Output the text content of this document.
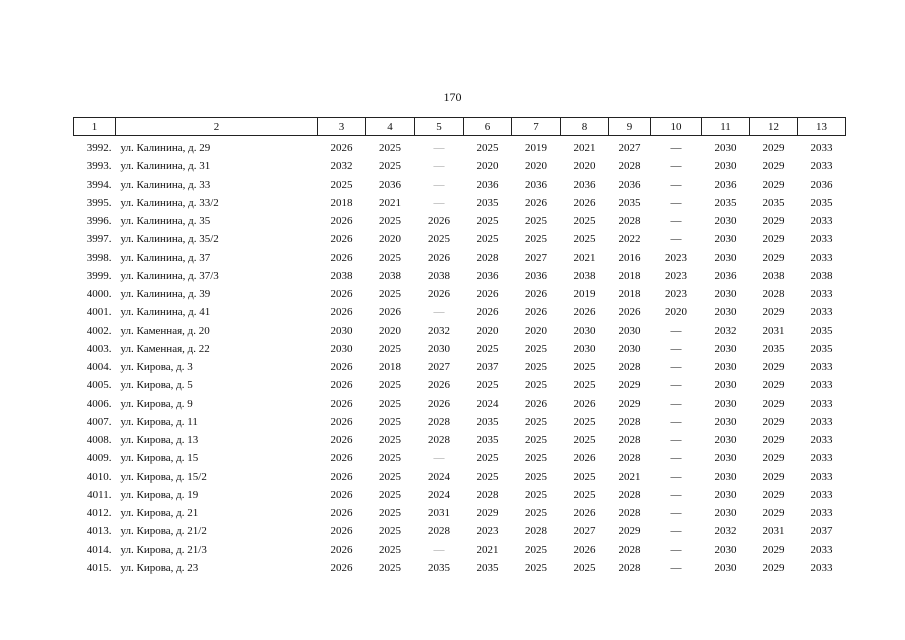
170
1	2	3	4	5	6	7	8	9	10	11	12	13
3992.	ул. Калинина, д. 29	2026	2025	—	2025	2019	2021	2027	—	2030	2029	2033
3993.	ул. Калинина, д. 31	2032	2025	—	2020	2020	2020	2028	—	2030	2029	2033
3994.	ул. Калинина, д. 33	2025	2036	—	2036	2036	2036	2036	—	2036	2029	2036
3995.	ул. Калинина, д. 33/2	2018	2021	—	2035	2026	2026	2035	—	2035	2035	2035
3996.	ул. Калинина, д. 35	2026	2025	2026	2025	2025	2025	2028	—	2030	2029	2033
3997.	ул. Калинина, д. 35/2	2026	2020	2025	2025	2025	2025	2022	—	2030	2029	2033
3998.	ул. Калинина, д. 37	2026	2025	2026	2028	2027	2021	2016	2023	2030	2029	2033
3999.	ул. Калинина, д. 37/3	2038	2038	2038	2036	2036	2038	2018	2023	2036	2038	2038
4000.	ул. Калинина, д. 39	2026	2025	2026	2026	2026	2019	2018	2023	2030	2028	2033
4001.	ул. Калинина, д. 41	2026	2026	—	2026	2026	2026	2026	2020	2030	2029	2033
4002.	ул. Каменная, д. 20	2030	2020	2032	2020	2020	2030	2030	—	2032	2031	2035
4003.	ул. Каменная, д. 22	2030	2025	2030	2025	2025	2030	2030	—	2030	2035	2035
4004.	ул. Кирова, д. 3	2026	2018	2027	2037	2025	2025	2028	—	2030	2029	2033
4005.	ул. Кирова, д. 5	2026	2025	2026	2025	2025	2025	2029	—	2030	2029	2033
4006.	ул. Кирова, д. 9	2026	2025	2026	2024	2026	2026	2029	—	2030	2029	2033
4007.	ул. Кирова, д. 11	2026	2025	2028	2035	2025	2025	2028	—	2030	2029	2033
4008.	ул. Кирова, д. 13	2026	2025	2028	2035	2025	2025	2028	—	2030	2029	2033
4009.	ул. Кирова, д. 15	2026	2025	—	2025	2025	2026	2028	—	2030	2029	2033
4010.	ул. Кирова, д. 15/2	2026	2025	2024	2025	2025	2025	2021	—	2030	2029	2033
4011.	ул. Кирова, д. 19	2026	2025	2024	2028	2025	2025	2028	—	2030	2029	2033
4012.	ул. Кирова, д. 21	2026	2025	2031	2029	2025	2026	2028	—	2030	2029	2033
4013.	ул. Кирова, д. 21/2	2026	2025	2028	2023	2028	2027	2029	—	2032	2031	2037
4014.	ул. Кирова, д. 21/3	2026	2025	—	2021	2025	2026	2028	—	2030	2029	2033
4015.	ул. Кирова, д. 23	2026	2025	2035	2035	2025	2025	2028	—	2030	2029	2033
